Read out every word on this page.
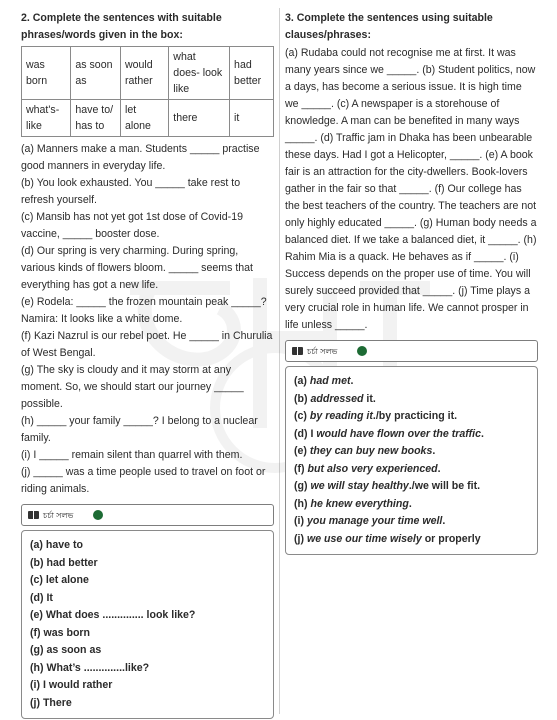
2. Complete the sentences with suitable phrases/words given in the box:

was born	as soon as	would rather	what does- look like	had better
what's- like	have to/ has to	let alone	there	it

(a) Manners make a man. Students _____ practise good manners in everyday life.

(b) You look exhausted. You _____ take rest to refresh yourself.

(c) Mansib has not yet got 1st dose of Covid-19 vaccine, _____ booster dose.

(d) Our spring is very charming. During spring, various kinds of flowers bloom. _____ seems that everything has got a new life.

(e) Rodela: _____ the frozen mountain peak _____?

Namira: It looks like a white dome.

(f) Kazi Nazrul is our rebel poet. He _____ in Churulia of West Bengal.

(g) The sky is cloudy and it may storm at any moment. So, we should start our journey _____ possible.

(h) _____ your family _____? I belong to a nuclear family.

(i) I _____ remain silent than quarrel with them.

(j) _____ was a time people used to travel on foot or riding animals.

চর্চা সলভ
(a) have to
(b) had better
(c) let alone
(d) It
(e) What does .............. look like?
(f) was born
(g) as soon as
(h) What’s ..............like?
(i) I would rather
(j) There

3. Complete the sentences using suitable clauses/phrases:

(a) Rudaba could not recognise me at first. It was many years since we _____. (b) Student politics, now a days, has become a serious issue. It is high time we _____. (c) A newspaper is a storehouse of knowledge. A man can be benefited in many ways _____. (d) Traffic jam in Dhaka has been unbearable these days. Had I got a Helicopter, _____. (e) A book fair is an attraction for the city-dwellers. Book-lovers gather in the fair so that _____. (f) Our college has the best teachers of the country. The teachers are not only highly educated _____. (g) Human body needs a balanced diet. If we take a balanced diet, it _____. (h) Rahim Mia is a quack. He behaves as if _____. (i) Success depends on the proper use of time. You will surely succeed provided that _____. (j) Time plays a very crucial role in human life. We cannot prosper in life unless _____.

চর্চা সলভ
(a) had met.
(b) addressed it.
(c) by reading it./by practicing it.
(d) I would have flown over the traffic.
(e) they can buy new books.
(f) but also very experienced.
(g) we will stay healthy./we will be fit.
(h) he knew everything.
(i) you manage your time well.
(j) we use our time wisely or properly
